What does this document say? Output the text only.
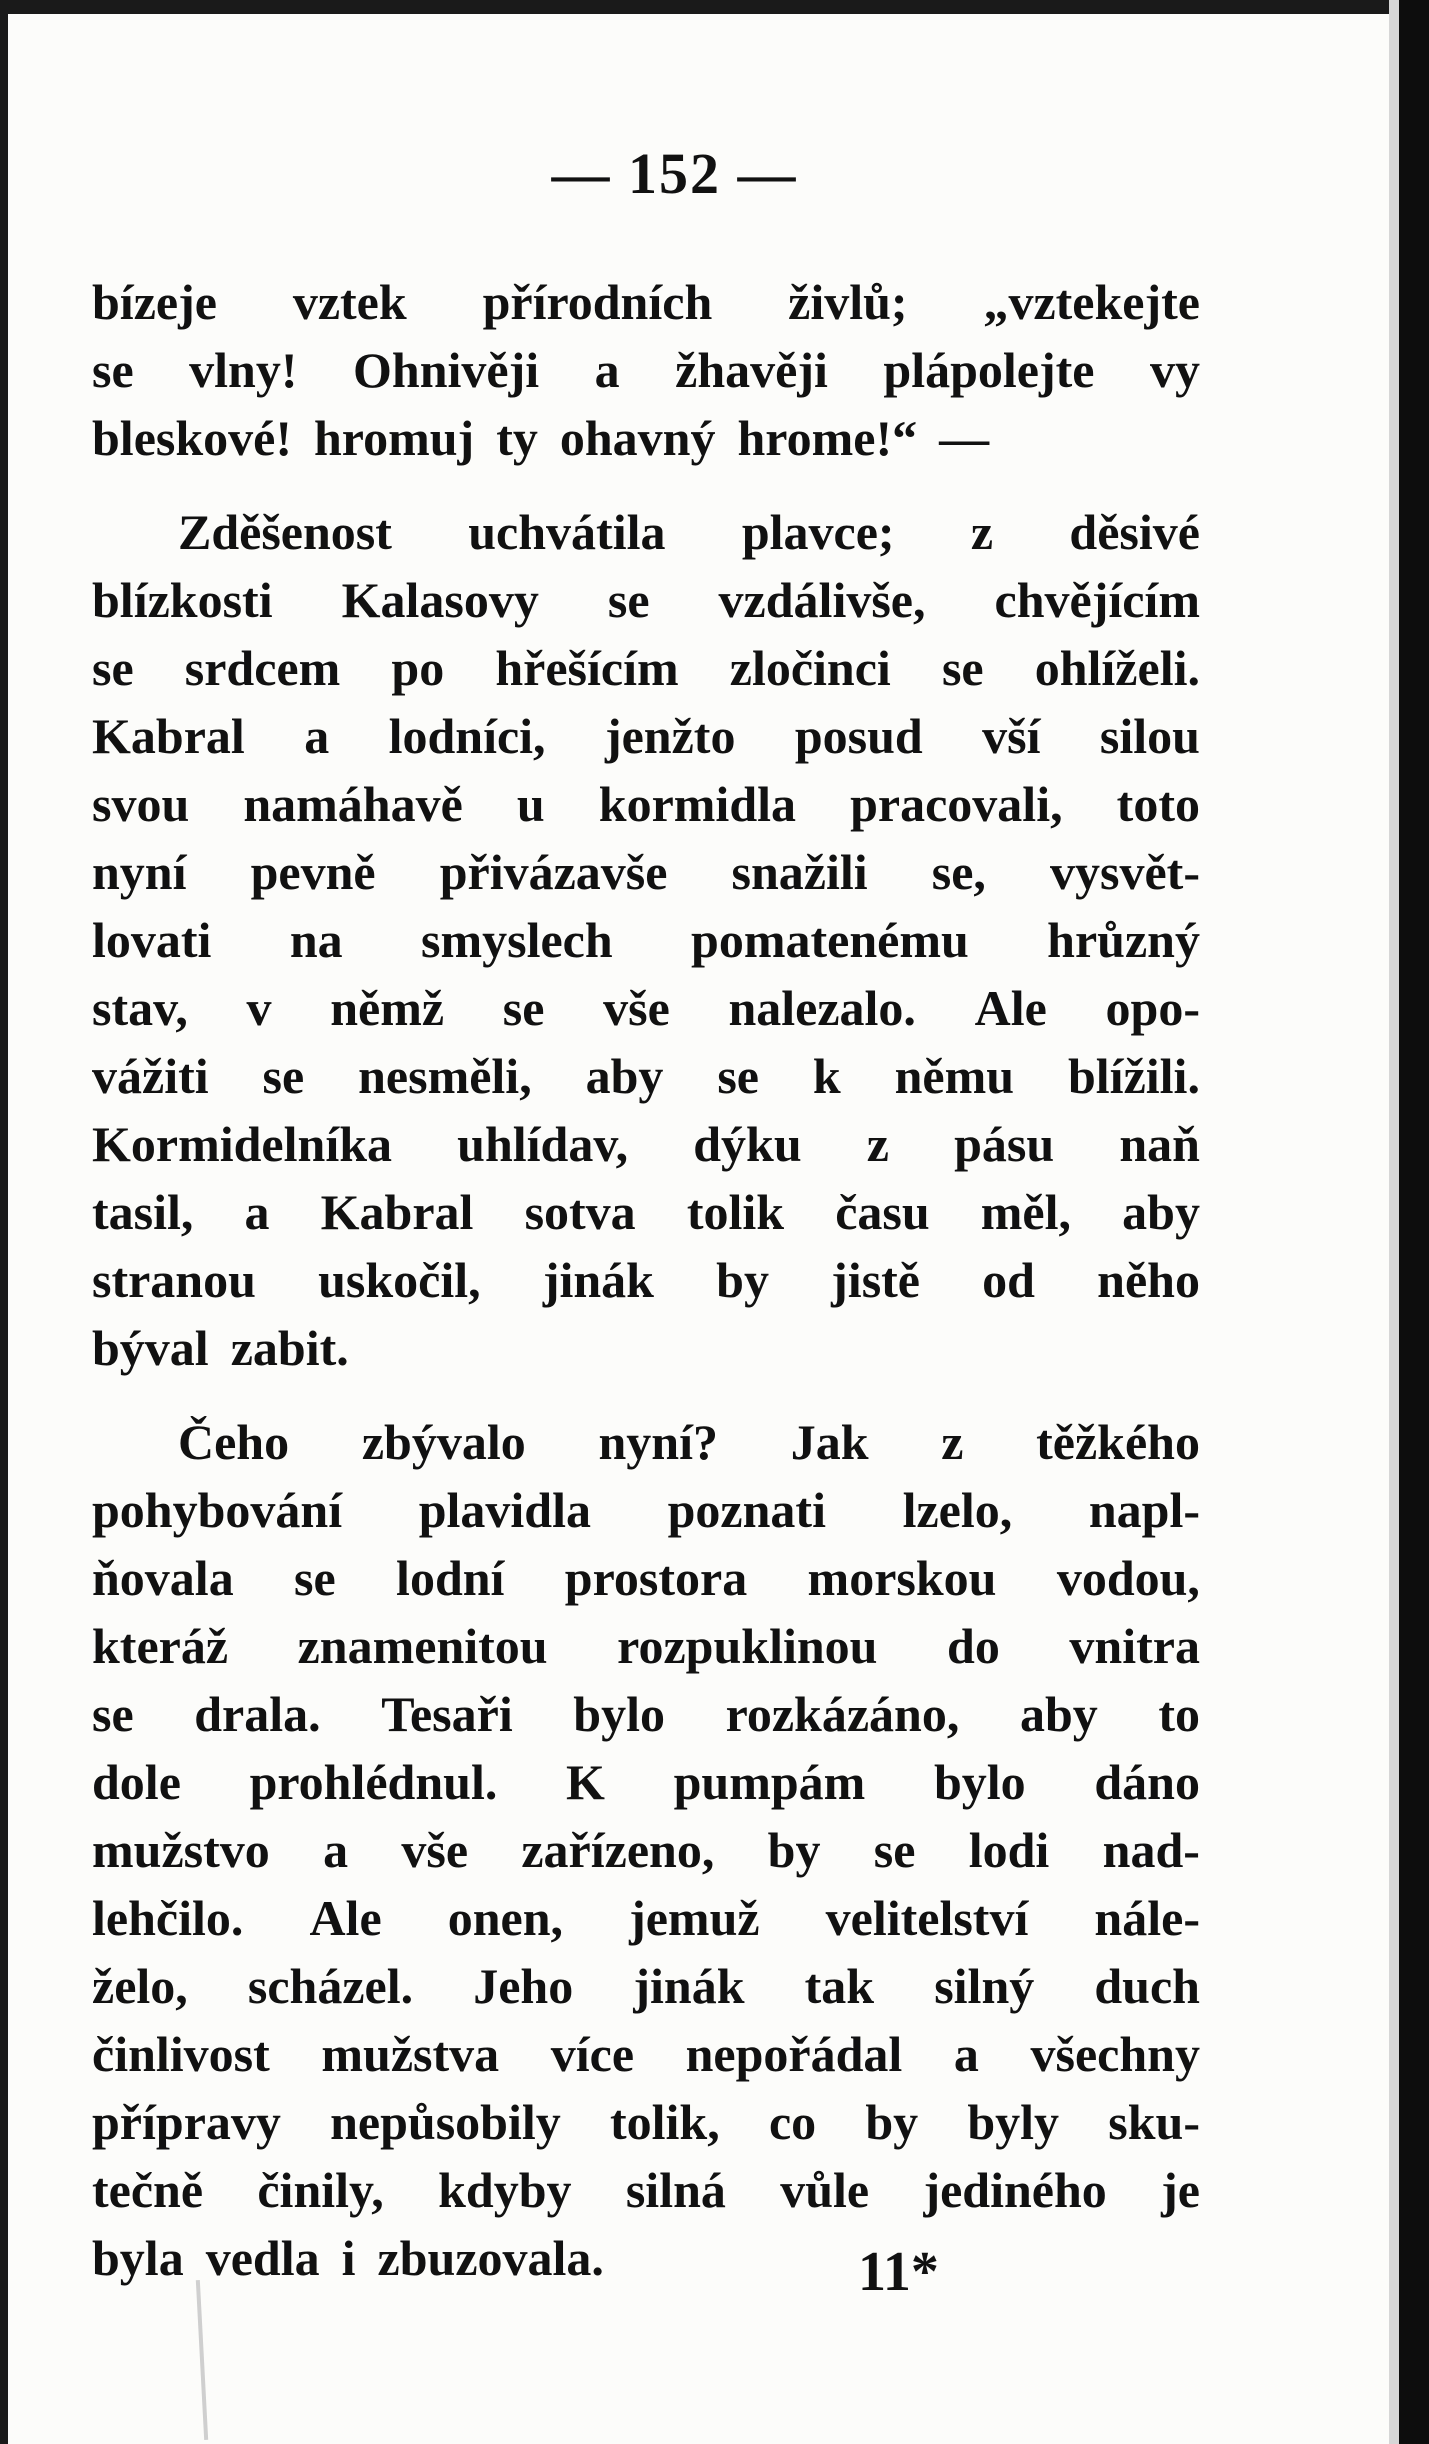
— 152 —
bízeje vztek přírodních živlů; „vztekejte
se vlny! Ohnivěji a žhavěji plápolejte vy
bleskové! hromuj ty ohavný hrome!“ —
Zděšenost uchvátila plavce; z děsivé
blízkosti Kalasovy se vzdálivše, chvějícím
se srdcem po hřešícím zločinci se ohlíželi.
Kabral a lodníci, jenžto posud vší silou
svou namáhavě u kormidla pracovali, toto
nyní pevně přivázavše snažili se, vysvět-
lovati na smyslech pomatenému hrůzný
stav, v němž se vše nalezalo. Ale opo-
vážiti se nesměli, aby se k němu blížili.
Kormidelníka uhlídav, dýku z pásu naň
tasil, a Kabral sotva tolik času měl, aby
stranou uskočil, jinák by jistě od něho
býval zabit.
Čeho zbývalo nyní? Jak z těžkého
pohybování plavidla poznati lzelo, napl-
ňovala se lodní prostora morskou vodou,
kteráž znamenitou rozpuklinou do vnitra
se drala. Tesaři bylo rozkázáno, aby to
dole prohlédnul. K pumpám bylo dáno
mužstvo a vše zařízeno, by se lodi nad-
lehčilo. Ale onen, jemuž velitelství nále-
želo, scházel. Jeho jinák tak silný duch
činlivost mužstva více nepořádal a všechny
přípravy nepůsobily tolik, co by byly sku-
tečně činily, kdyby silná vůle jediného je
byla vedla i zbuzovala.	11*
